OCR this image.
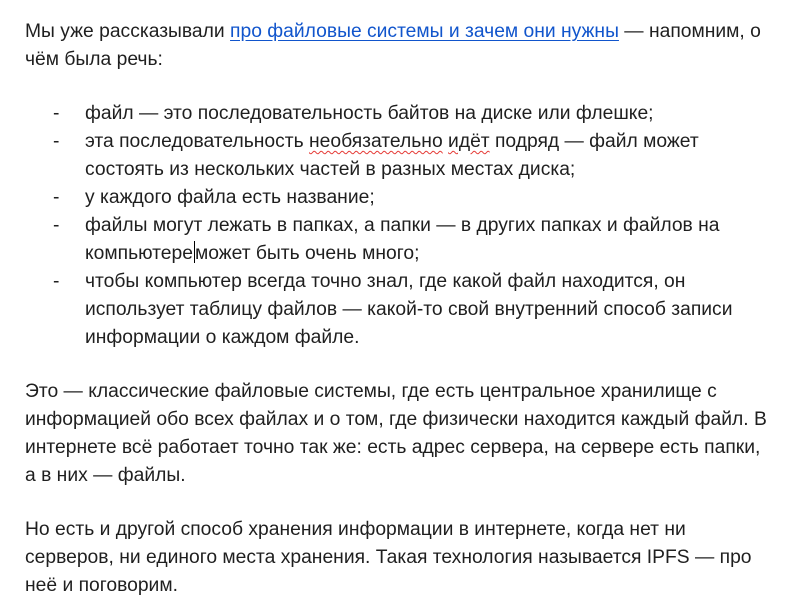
Мы уже рассказывали про файловые системы и зачем они нужны — напомним, о чём была речь:

- файл — это последовательность байтов на диске или флешке;
- эта последовательность необязательно идёт подряд — файл может состоять из нескольких частей в разных местах диска;
- у каждого файла есть название;
- файлы могут лежать в папках, а папки — в других папках и файлов на компьютере может быть очень много;
- чтобы компьютер всегда точно знал, где какой файл находится, он использует таблицу файлов — какой-то свой внутренний способ записи информации о каждом файле.

Это — классические файловые системы, где есть центральное хранилище с информацией обо всех файлах и о том, где физически находится каждый файл. В интернете всё работает точно так же: есть адрес сервера, на сервере есть папки, а в них — файлы.

Но есть и другой способ хранения информации в интернете, когда нет ни серверов, ни единого места хранения. Такая технология называется IPFS — про неё и поговорим.
